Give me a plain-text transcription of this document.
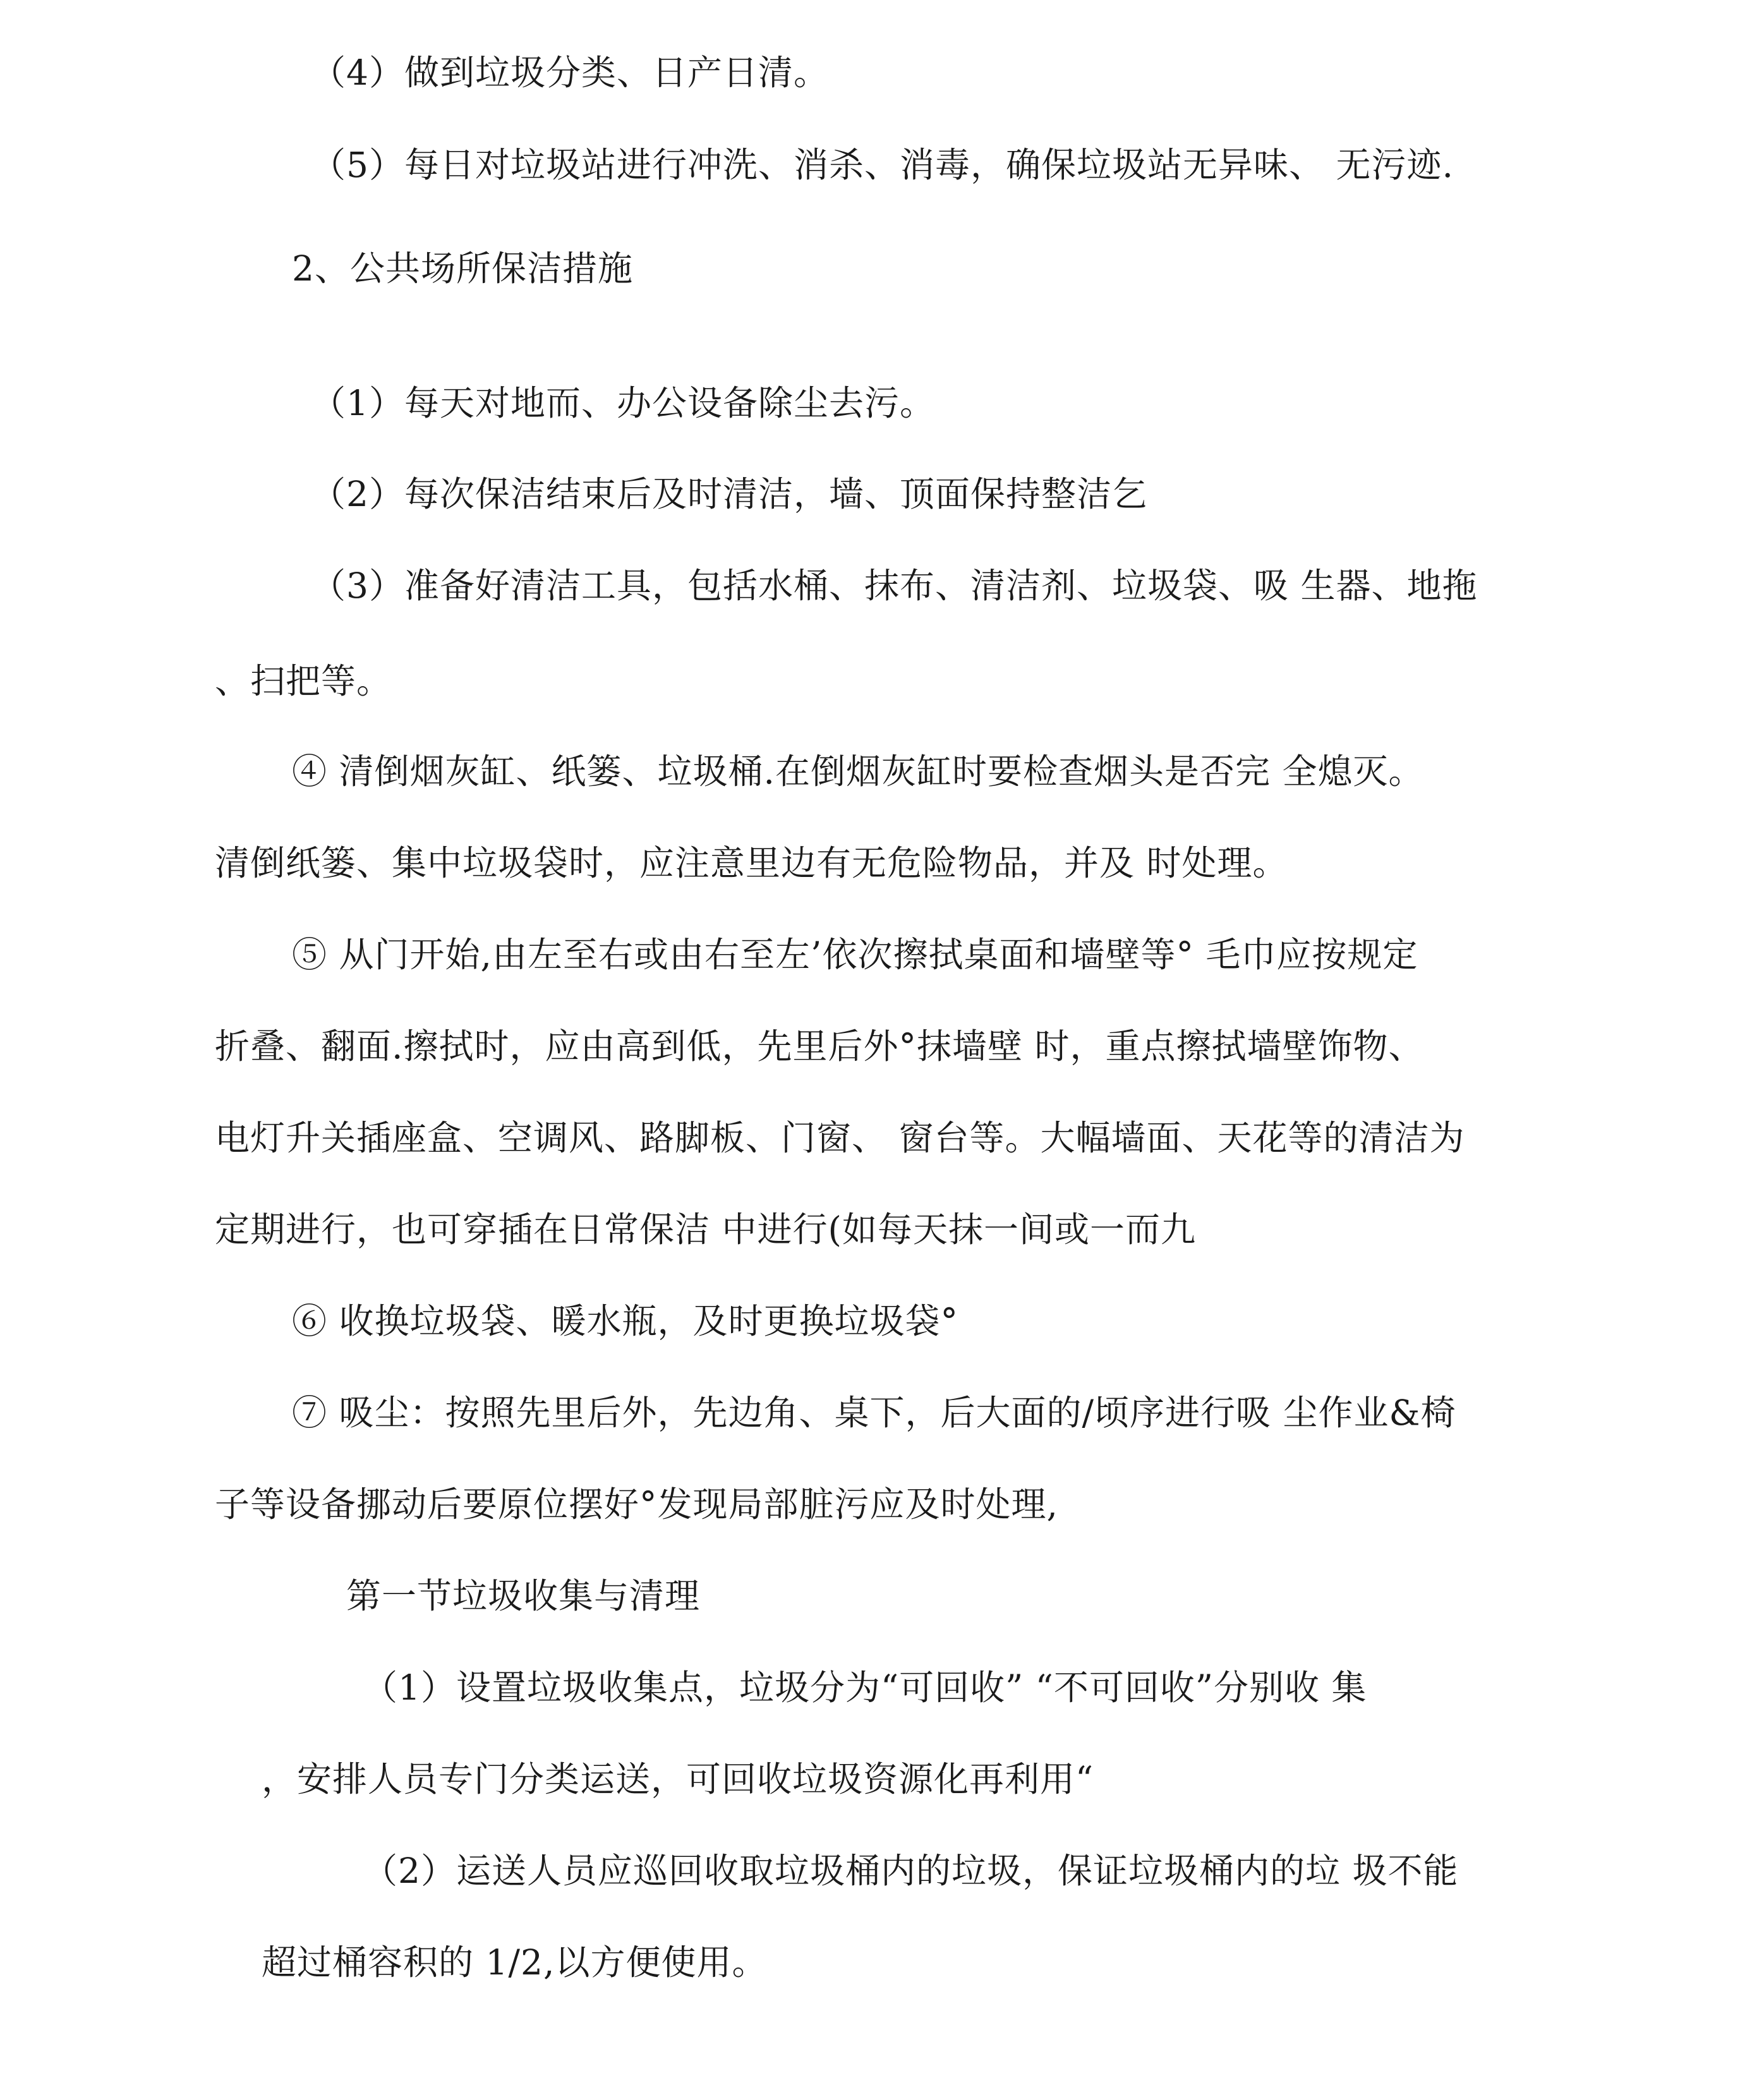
（4）做到垃圾分类、日产日清。
（5）每日对垃圾站进行冲洗、消杀、消毒，确保垃圾站无异味、 无污迹.
2、公共场所保洁措施
（1）每天对地而、办公设备除尘去污。
（2）每次保洁结束后及时清洁，墙、顶面保持整洁乞
（3）准备好清洁工具，包括水桶、抹布、清洁剂、垃圾袋、吸 生器、地拖
、扫把等。
④ 清倒烟灰缸、纸篓、垃圾桶.在倒烟灰缸时要检查烟头是否完 全熄灭。
清倒纸篓、集中垃圾袋时，应注意里边有无危险物品，并及 时处理。
⑤ 从门开始,由左至右或由右至左’依次擦拭桌面和墙壁等° 毛巾应按规定
折叠、翻面.擦拭时，应由高到低，先里后外°抹墙壁 时，重点擦拭墙壁饰物、
电灯升关插座盒、空调风、路脚板、门窗、 窗台等。大幅墙面、天花等的清洁为
定期进行，也可穿插在日常保洁 中进行(如每天抹一间或一而九
⑥ 收换垃圾袋、暖水瓶，及时更换垃圾袋°
⑦ 吸尘：按照先里后外，先边角、桌下，后大面的/顷序进行吸 尘作业&椅
子等设备挪动后要原位摆好°发现局部脏污应及时处理,
第一节垃圾收集与清理
（1）设置垃圾收集点，垃圾分为“可回收” “不可回收”分别收 集
，安排人员专门分类运送，可回收垃圾资源化再利用“
（2）运送人员应巡回收取垃圾桶内的垃圾，保证垃圾桶内的垃 圾不能
超过桶容积的 1/2,以方便使用。
